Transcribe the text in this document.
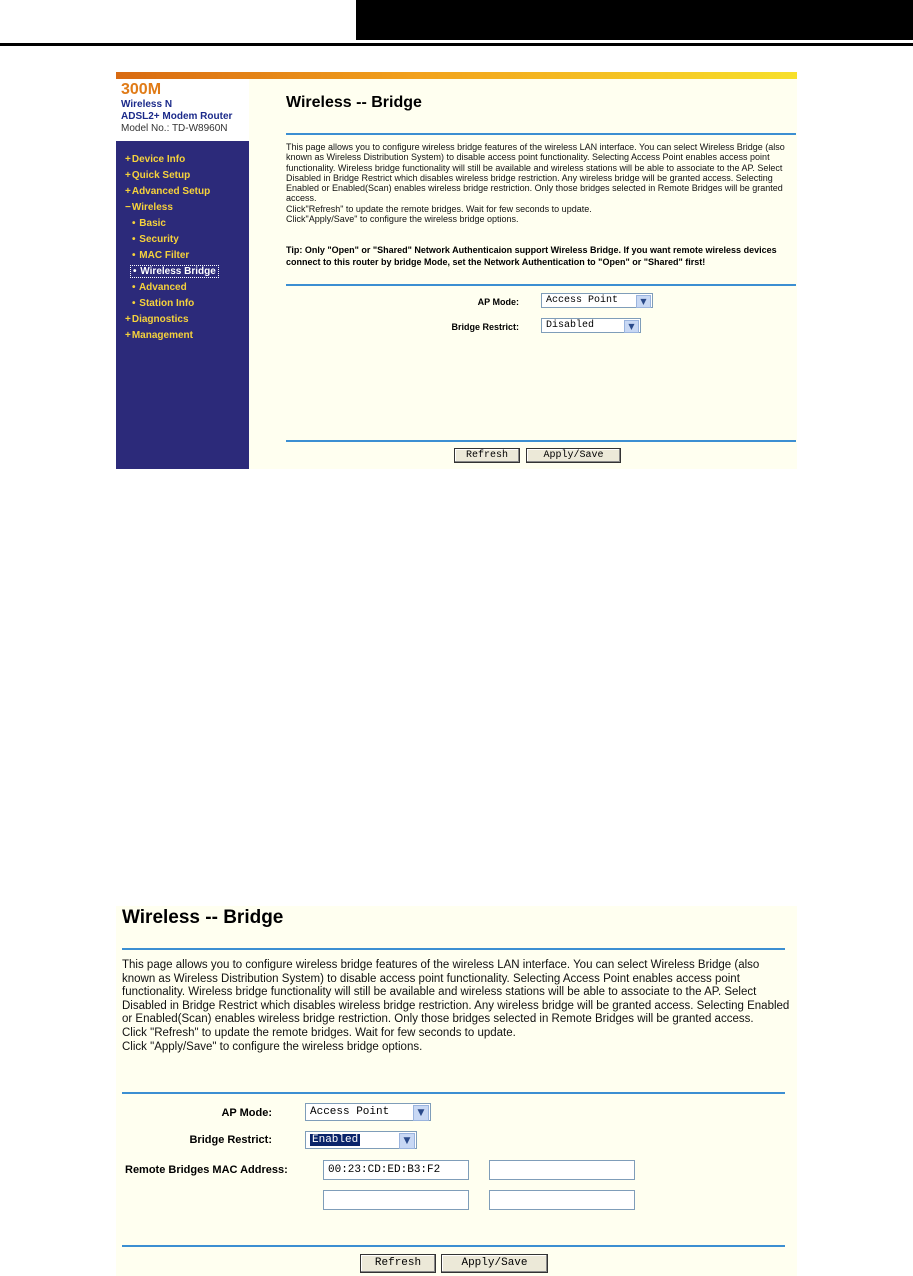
300M
Wireless N
ADSL2+ Modem Router
Model No.: TD-W8960N
+Device Info
+Quick Setup
+Advanced Setup
−Wireless
• Basic
• Security
• MAC Filter
• Wireless Bridge
• Advanced
• Station Info
+Diagnostics
+Management
Wireless -- Bridge
This page allows you to configure wireless bridge features of the wireless LAN interface. You can select Wireless Bridge (also known as Wireless Distribution System) to disable access point functionality. Selecting Access Point enables access point functionality. Wireless bridge functionality will still be available and wireless stations will be able to associate to the AP. Select Disabled in Bridge Restrict which disables wireless bridge restriction. Any wireless bridge will be granted access. Selecting Enabled or Enabled(Scan) enables wireless bridge restriction. Only those bridges selected in Remote Bridges will be granted access.
Click"Refresh" to update the remote bridges. Wait for few seconds to update.
Click"Apply/Save" to configure the wireless bridge options.
Tip: Only "Open" or "Shared" Network Authenticaion support Wireless Bridge. If you want remote wireless devices connect to this router by bridge Mode, set the Network Authentication to "Open" or "Shared" first!
AP Mode:	Access Point	▼
Bridge Restrict:	Disabled	▼
Refresh	Apply/Save
Wireless -- Bridge
This page allows you to configure wireless bridge features of the wireless LAN interface. You can select Wireless Bridge (also known as Wireless Distribution System) to disable access point functionality. Selecting Access Point enables access point functionality. Wireless bridge functionality will still be available and wireless stations will be able to associate to the AP. Select Disabled in Bridge Restrict which disables wireless bridge restriction. Any wireless bridge will be granted access. Selecting Enabled or Enabled(Scan) enables wireless bridge restriction. Only those bridges selected in Remote Bridges will be granted access.
Click "Refresh" to update the remote bridges. Wait for few seconds to update.
Click "Apply/Save" to configure the wireless bridge options.
AP Mode:	Access Point	▼
Bridge Restrict:	Enabled	▼
Remote Bridges MAC Address:	00:23:CD:ED:B3:F2
Refresh	Apply/Save
